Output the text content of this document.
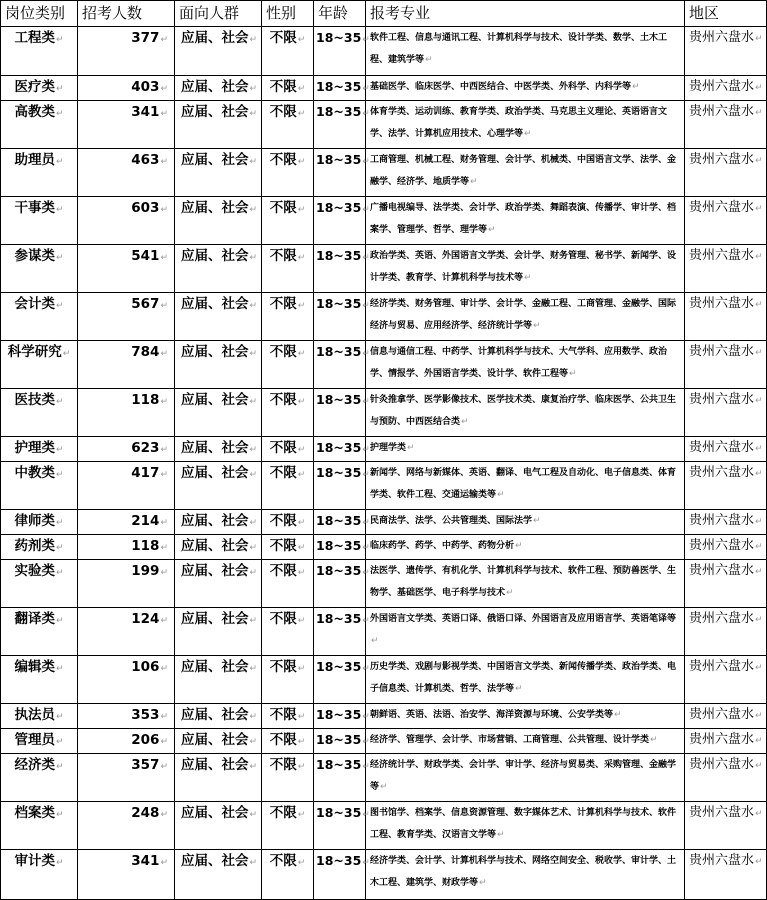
岗位类别	招考人数	面向人群	性别	年龄	报考专业	地区
工程类↵	377↵	应届、社会↵	不限↵	18~35↵	软件工程、信息与通讯工程、计算机科学与技术、设计学类、数学、土木工程、建筑学等↵	贵州六盘水↵
医疗类↵	403↵	应届、社会↵	不限↵	18~35↵	基础医学、临床医学、中西医结合、中医学类、外科学、内科学等↵	贵州六盘水↵
高教类↵	341↵	应届、社会↵	不限↵	18~35↵	体育学类、运动训练、教育学类、政治学类、马克思主义理论、英语语言文学、法学、计算机应用技术、心理学等↵	贵州六盘水↵
助理员↵	463↵	应届、社会↵	不限↵	18~35↵	工商管理、机械工程、财务管理、会计学、机械类、中国语言文学、法学、金融学、经济学、地质学等↵	贵州六盘水↵
干事类↵	603↵	应届、社会↵	不限↵	18~35↵	广播电视编导、法学类、会计学、政治学类、舞蹈表演、传播学、审计学、档案学、管理学、哲学、理学等↵	贵州六盘水↵
参谋类↵	541↵	应届、社会↵	不限↵	18~35↵	政治学类、英语、外国语言文学类、会计学、财务管理、秘书学、新闻学、设计学类、教育学、计算机科学与技术等↵	贵州六盘水↵
会计类↵	567↵	应届、社会↵	不限↵	18~35↵	经济学类、财务管理、审计学、会计学、金融工程、工商管理、金融学、国际经济与贸易、应用经济学、经济统计学等↵	贵州六盘水↵
科学研究↵	784↵	应届、社会↵	不限↵	18~35↵	信息与通信工程、中药学、计算机科学与技术、大气学科、应用数学、政治学、情报学、外国语言学类、设计学、软件工程等↵	贵州六盘水↵
医技类↵	118↵	应届、社会↵	不限↵	18~35↵	针灸推拿学、医学影像技术、医学技术类、康复治疗学、临床医学、公共卫生与预防、中西医结合类↵	贵州六盘水↵
护理类↵	623↵	应届、社会↵	不限↵	18~35↵	护理学类↵	贵州六盘水↵
中教类↵	417↵	应届、社会↵	不限↵	18~35↵	新闻学、网络与新媒体、英语、翻译、电气工程及自动化、电子信息类、体育学类、软件工程、交通运输类等↵	贵州六盘水↵
律师类↵	214↵	应届、社会↵	不限↵	18~35↵	民商法学、法学、公共管理类、国际法学↵	贵州六盘水↵
药剂类↵	118↵	应届、社会↵	不限↵	18~35↵	临床药学、药学、中药学、药物分析↵	贵州六盘水↵
实验类↵	199↵	应届、社会↵	不限↵	18~35↵	法医学、遗传学、有机化学、计算机科学与技术、软件工程、预防兽医学、生物学、基础医学、电子科学与技术↵	贵州六盘水↵
翻译类↵	124↵	应届、社会↵	不限↵	18~35↵	外国语言文学类、英语口译、俄语口译、外国语言及应用语言学、英语笔译等↵	贵州六盘水↵
编辑类↵	106↵	应届、社会↵	不限↵	18~35↵	历史学类、戏剧与影视学类、中国语言文学类、新闻传播学类、政治学类、电子信息类、计算机类、哲学、法学等↵	贵州六盘水↵
执法员↵	353↵	应届、社会↵	不限↵	18~35↵	朝鲜语、英语、法语、治安学、海洋资源与环境、公安学类等↵	贵州六盘水↵
管理员↵	206↵	应届、社会↵	不限↵	18~35↵	经济学、管理学、会计学、市场营销、工商管理、公共管理、设计学类↵	贵州六盘水↵
经济类↵	357↵	应届、社会↵	不限↵	18~35↵	经济统计学、财政学类、会计学、审计学、经济与贸易类、采购管理、金融学等↵	贵州六盘水↵
档案类↵	248↵	应届、社会↵	不限↵	18~35↵	图书馆学、档案学、信息资源管理、数字媒体艺术、计算机科学与技术、软件工程、教育学类、汉语言文学等↵	贵州六盘水↵
审计类↵	341↵	应届、社会↵	不限↵	18~35↵	经济学类、会计学、计算机科学与技术、网络空间安全、税收学、审计学、土木工程、建筑学、财政学等↵	贵州六盘水↵
